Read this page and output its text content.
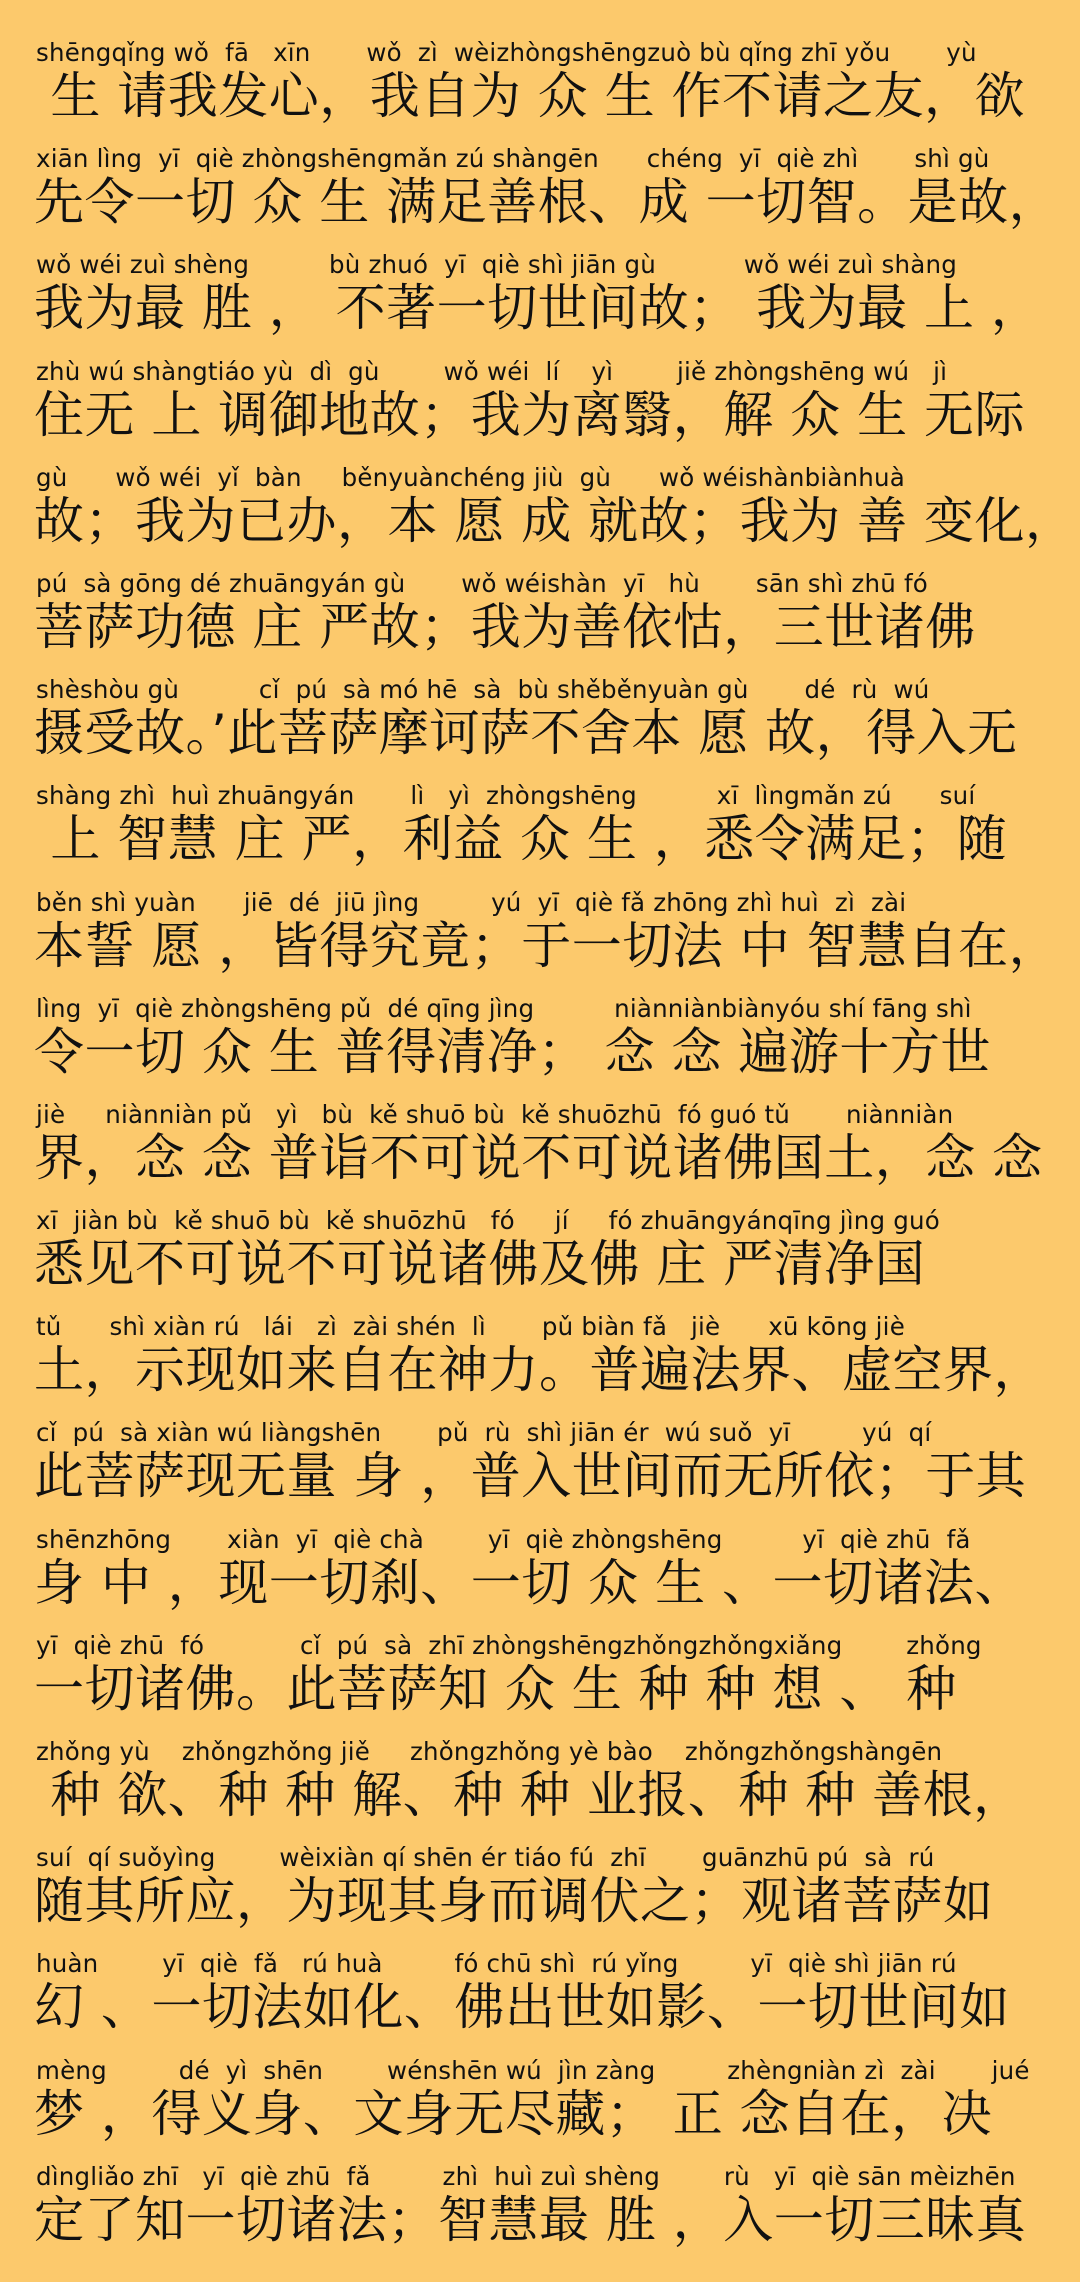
shēngqǐng wǒ  fā   xīn       wǒ  zì  wèizhòngshēngzuò bù qǐng zhī yǒu       yù
生 请我发心，我自为 众 生 作不请之友，欲
xiān lìng  yī  qiè zhòngshēngmǎn zú shàngēn      chéng  yī  qiè zhì       shì gù
先令一切 众 生 满足善根、成 一切智。是故，
wǒ wéi zuì shèng          bù zhuó  yī  qiè shì jiān gù           wǒ wéi zuì shàng
我为最 胜 ， 不著一切世间故； 我为最 上 ，
zhù wú shàngtiáo yù  dì  gù        wǒ wéi  lí    yì        jiě zhòngshēng wú   jì
住无 上 调御地故；我为离翳，解 众 生 无际
gù      wǒ wéi  yǐ  bàn     běnyuànchéng jiù  gù      wǒ wéishànbiànhuà
故；我为已办，本 愿 成 就故；我为 善 变化，
pú  sà gōng dé zhuāngyán gù       wǒ wéishàn  yī   hù       sān shì zhū fó
菩萨功德 庄 严故；我为善依怙，三世诸佛
shèshòu gù          cǐ  pú  sà mó hē  sà  bù shěběnyuàn gù       dé  rù  wú
摄受故。’此菩萨摩诃萨不舍本 愿 故，得入无
shàng zhì  huì zhuāngyán       lì   yì  zhòngshēng          xī  lìngmǎn zú      suí
上 智慧 庄 严，利益 众 生 ，悉令满足；随
běn shì yuàn      jiē  dé  jiū jìng         yú  yī  qiè fǎ zhōng zhì huì  zì  zài
本誓 愿 ，皆得究竟；于一切法 中 智慧自在，
lìng  yī  qiè zhòngshēng pǔ  dé qīng jìng          niànniànbiànyóu shí fāng shì
令一切 众 生 普得清净； 念 念 遍游十方世
jiè     niànniàn pǔ   yì   bù  kě shuō bù  kě shuōzhū  fó guó tǔ       niànniàn
界，念 念 普诣不可说不可说诸佛国土，念 念
xī  jiàn bù  kě shuō bù  kě shuōzhū   fó     jí     fó zhuāngyánqīng jìng guó
悉见不可说不可说诸佛及佛 庄 严清净国
tǔ      shì xiàn rú   lái   zì  zài shén  lì       pǔ biàn fǎ   jiè      xū kōng jiè
土，示现如来自在神力。普遍法界、虚空界，
cǐ  pú  sà xiàn wú liàngshēn       pǔ  rù  shì jiān ér  wú suǒ  yī         yú  qí
此菩萨现无量 身 ，普入世间而无所依；于其
shēnzhōng       xiàn  yī  qiè chà        yī  qiè zhòngshēng          yī  qiè zhū  fǎ
身 中 ，现一切刹、一切 众 生 、一切诸法、
yī  qiè zhū  fó            cǐ  pú  sà  zhī zhòngshēngzhǒngzhǒngxiǎng        zhǒng
一切诸佛。此菩萨知 众 生 种 种 想 、 种
zhǒng yù    zhǒngzhǒng jiě     zhǒngzhǒng yè bào    zhǒngzhǒngshàngēn
种 欲、种 种 解、种 种 业报、种 种 善根，
suí  qí suǒyìng        wèixiàn qí shēn ér tiáo fú  zhī       guānzhū pú  sà  rú
随其所应，为现其身而调伏之；观诸菩萨如
huàn        yī  qiè  fǎ   rú huà         fó chū shì  rú yǐng         yī  qiè shì jiān rú
幻 、一切法如化、佛出世如影、一切世间如
mèng         dé  yì  shēn        wénshēn wú  jìn zàng         zhèngniàn zì  zài       jué
梦 ，得义身、文身无尽藏； 正 念自在，决
dìngliǎo zhī   yī  qiè zhū  fǎ         zhì  huì zuì shèng        rù   yī  qiè sān mèizhēn
定了知一切诸法；智慧最 胜 ，入一切三昧真
